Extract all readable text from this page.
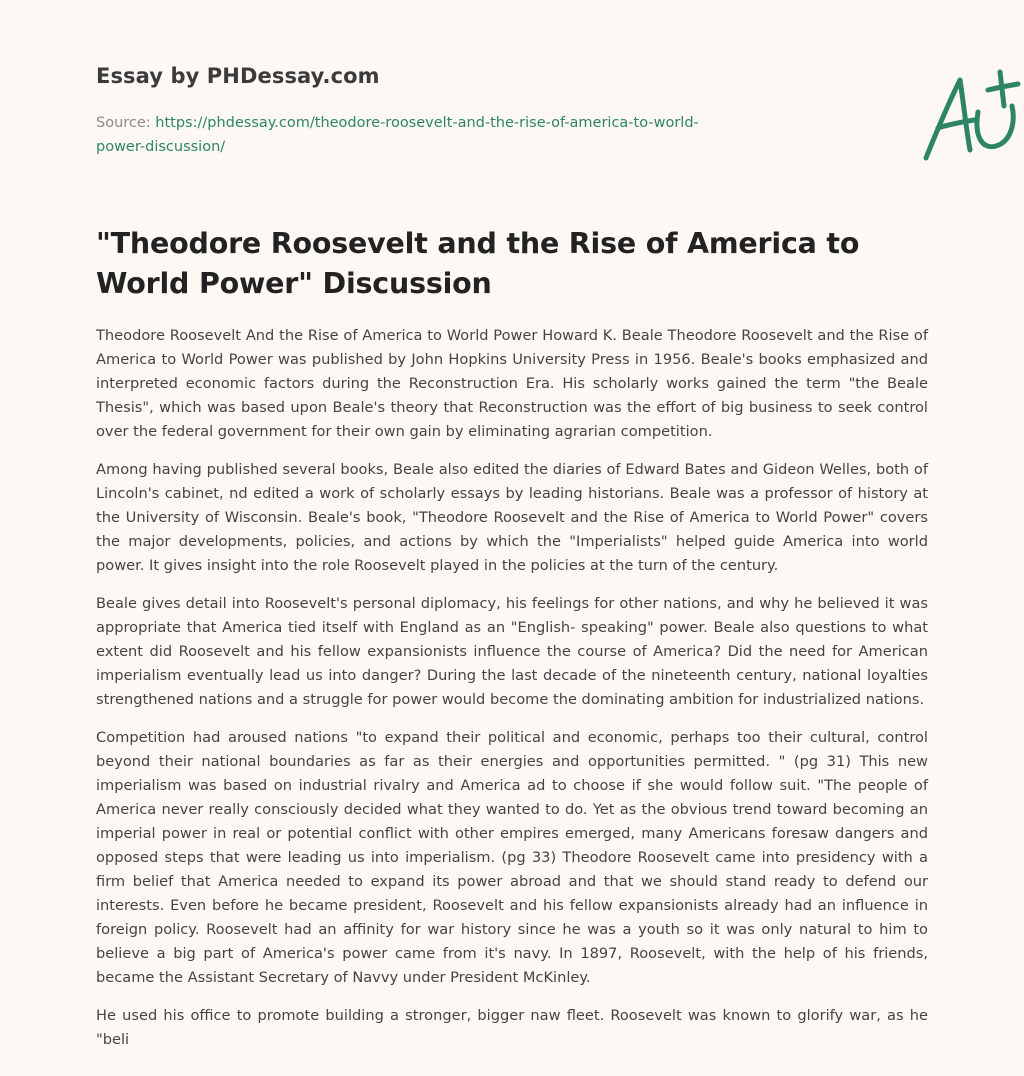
Essay by PHDessay.com
Source: https://phdessay.com/theodore-roosevelt-and-the-rise-of-america-to-world-power-discussion/
"Theodore Roosevelt and the Rise of America to World Power" Discussion

Theodore Roosevelt And the Rise of America to World Power Howard K. Beale Theodore Roosevelt and the Rise of America to World Power was published by John Hopkins University Press in 1956. Beale's books emphasized and interpreted economic factors during the Reconstruction Era. His scholarly works gained the term "the Beale Thesis", which was based upon Beale's theory that Reconstruction was the effort of big business to seek control over the federal government for their own gain by eliminating agrarian competition.

Among having published several books, Beale also edited the diaries of Edward Bates and Gideon Welles, both of Lincoln's cabinet, nd edited a work of scholarly essays by leading historians. Beale was a professor of history at the University of Wisconsin. Beale's book, "Theodore Roosevelt and the Rise of America to World Power" covers the major developments, policies, and actions by which the "Imperialists" helped guide America into world power. It gives insight into the role Roosevelt played in the policies at the turn of the century.

Beale gives detail into Roosevelt's personal diplomacy, his feelings for other nations, and why he believed it was appropriate that America tied itself with England as an "English- speaking" power. Beale also questions to what extent did Roosevelt and his fellow expansionists influence the course of America? Did the need for American imperialism eventually lead us into danger? During the last decade of the nineteenth century, national loyalties strengthened nations and a struggle for power would become the dominating ambition for industrialized nations.

Competition had aroused nations "to expand their political and economic, perhaps too their cultural, control beyond their national boundaries as far as their energies and opportunities permitted. " (pg 31) This new imperialism was based on industrial rivalry and America ad to choose if she would follow suit. "The people of America never really consciously decided what they wanted to do. Yet as the obvious trend toward becoming an imperial power in real or potential conflict with other empires emerged, many Americans foresaw dangers and opposed steps that were leading us into imperialism. (pg 33) Theodore Roosevelt came into presidency with a firm belief that America needed to expand its power abroad and that we should stand ready to defend our interests. Even before he became president, Roosevelt and his fellow expansionists already had an influence in foreign policy. Roosevelt had an affinity for war history since he was a youth so it was only natural to him to believe a big part of America's power came from it's navy. In 1897, Roosevelt, with the help of his friends, became the Assistant Secretary of Navvy under President McKinley.

He used his office to promote building a stronger, bigger naw fleet. Roosevelt was known to glorify war, as he "beli
